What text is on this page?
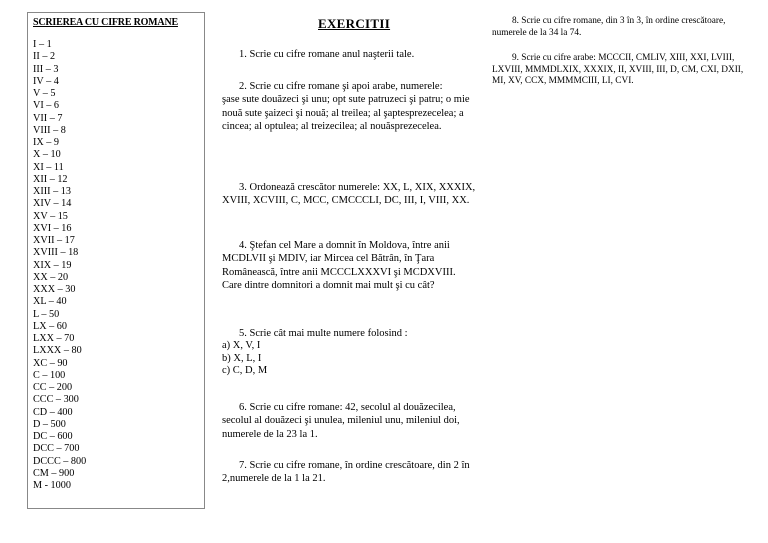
SCRIEREA CU CIFRE ROMANE
I – 1
II – 2
III – 3
IV – 4
V – 5
VI – 6
VII – 7
VIII – 8
IX – 9
X – 10
XI – 11
XII – 12
XIII – 13
XIV – 14
XV – 15
XVI – 16
XVII – 17
XVIII – 18
XIX – 19
XX – 20
XXX – 30
XL – 40
L – 50
LX – 60
LXX – 70
LXXX – 80
XC – 90
C – 100
CC – 200
CCC – 300
CD – 400
D – 500
DC – 600
DCC – 700
DCCC – 800
CM – 900
M - 1000
EXERCITII

1. Scrie cu cifre romane anul naşterii tale.

2. Scrie cu cifre romane şi apoi arabe, numerele:

şase sute douăzeci şi unu; opt sute patruzeci şi patru; o mie nouă sute şaizeci şi nouă; al treilea; al şaptesprezecelea; a cincea; al optulea; al treizecilea; al nouăsprezecelea.

3. Ordonează crescător numerele: XX, L, XIX, XXXIX, XVIII, XCVIII, C, MCC, CMCCCLI, DC, III, I, VIII, XX.

4. Ştefan cel Mare a domnit în Moldova, între anii MCDLVII şi MDIV, iar Mircea cel Bătrân, în Ţara Românească, între anii MCCCLXXXVI şi MCDXVIII.

Care dintre domnitori a domnit mai mult şi cu cât?

5. Scrie cât mai multe numere folosind :

a) X, V, I
b) X, L, I
c) C, D, M

6. Scrie cu cifre romane: 42, secolul al douăzecilea, secolul al douăzeci şi unulea, mileniul unu, mileniul doi, numerele de la 23 la 1.

7. Scrie cu cifre romane, în ordine crescătoare, din 2 în 2,numerele de la 1 la 21.

8. Scrie cu cifre romane, din 3 în 3, în ordine crescătoare, numerele de la 34 la 74.

9. Scrie cu cifre arabe: MCCCII, CMLIV, XIII, XXI, LVIII, LXVIII, MMMDLXIX, XXXIX, II, XVIII, III, D, CM, CXI, DXII, MI, XV, CCX, MMMMCIII, LI, CVI.
